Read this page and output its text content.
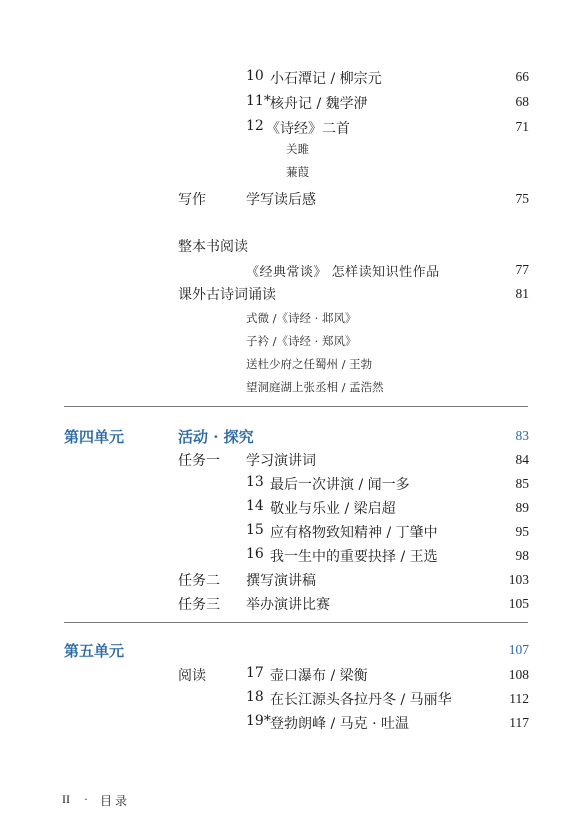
10 小石潭记 / 柳宗元	66
11* 核舟记 / 魏学洢	68
12 《诗经》二首	71
关雎
蒹葭
写作	学写读后感	75
整本书阅读
《经典常谈》 怎样读知识性作品	77
课外古诗词诵读	81
式微 /《诗经 · 邶风》
子衿 /《诗经 · 郑风》
送杜少府之任蜀州 / 王勃
望洞庭湖上张丞相 / 孟浩然
第四单元	活动 · 探究	83
任务一 学习演讲词	84
13 最后一次讲演 / 闻一多	85
14 敬业与乐业 / 梁启超	89
15 应有格物致知精神 / 丁肇中	95
16 我一生中的重要抉择 / 王选	98
任务二 撰写演讲稿	103
任务三 举办演讲比赛	105
第五单元	107
阅读	17 壶口瀑布 / 梁衡	108
18 在长江源头各拉丹冬 / 马丽华	112
19* 登勃朗峰 / 马克 · 吐温	117
II · 目 录
